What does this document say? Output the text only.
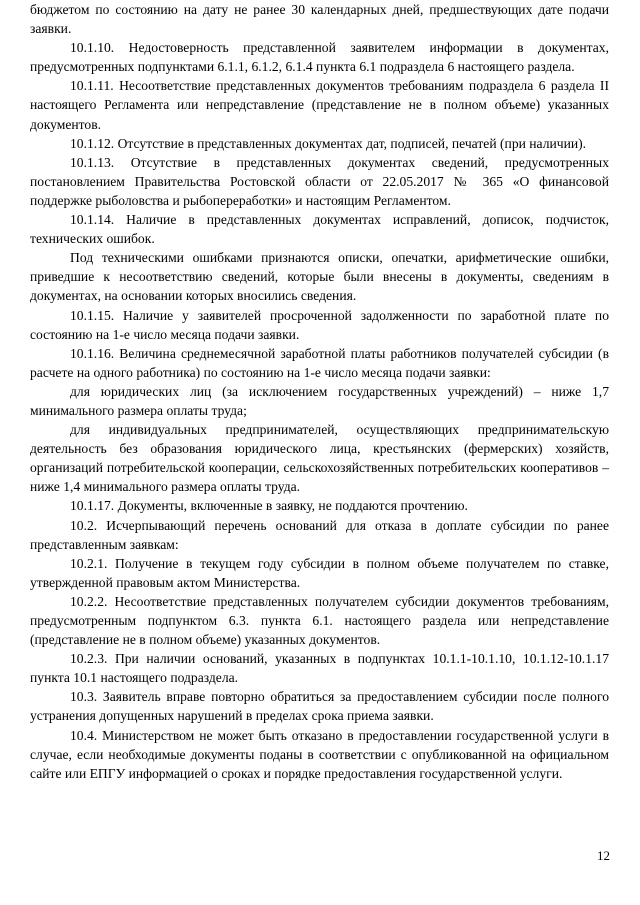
бюджетом по состоянию на дату не ранее 30 календарных дней, предшествующих дате подачи заявки.

10.1.10. Недостоверность представленной заявителем информации в документах, предусмотренных подпунктами 6.1.1, 6.1.2, 6.1.4 пункта 6.1 подраздела 6 настоящего раздела.

10.1.11. Несоответствие представленных документов требованиям подраздела 6 раздела II настоящего Регламента или непредставление (представление не в полном объеме) указанных документов.

10.1.12. Отсутствие в представленных документах дат, подписей, печатей (при наличии).

10.1.13. Отсутствие в представленных документах сведений, предусмотренных постановлением Правительства Ростовской области от 22.05.2017 № 365 «О финансовой поддержке рыболовства и рыбопереработки» и настоящим Регламентом.

10.1.14. Наличие в представленных документах исправлений, дописок, подчисток, технических ошибок.

Под техническими ошибками признаются описки, опечатки, арифметические ошибки, приведшие к несоответствию сведений, которые были внесены в документы, сведениям в документах, на основании которых вносились сведения.

10.1.15. Наличие у заявителей просроченной задолженности по заработной плате по состоянию на 1-е число месяца подачи заявки.

10.1.16. Величина среднемесячной заработной платы работников получателей субсидии (в расчете на одного работника) по состоянию на 1-е число месяца подачи заявки:

для юридических лиц (за исключением государственных учреждений) – ниже 1,7 минимального размера оплаты труда;

для индивидуальных предпринимателей, осуществляющих предпринимательскую деятельность без образования юридического лица, крестьянских (фермерских) хозяйств, организаций потребительской кооперации, сельскохозяйственных потребительских кооперативов – ниже 1,4 минимального размера оплаты труда.

10.1.17. Документы, включенные в заявку, не поддаются прочтению.

10.2. Исчерпывающий перечень оснований для отказа в доплате субсидии по ранее представленным заявкам:

10.2.1. Получение в текущем году субсидии в полном объеме получателем по ставке, утвержденной правовым актом Министерства.

10.2.2. Несоответствие представленных получателем субсидии документов требованиям, предусмотренным подпунктом 6.3. пункта 6.1. настоящего раздела или непредставление (представление не в полном объеме) указанных документов.

10.2.3. При наличии оснований, указанных в подпунктах 10.1.1-10.1.10, 10.1.12-10.1.17 пункта 10.1 настоящего подраздела.

10.3. Заявитель вправе повторно обратиться за предоставлением субсидии после полного устранения допущенных нарушений в пределах срока приема заявки.

10.4. Министерством не может быть отказано в предоставлении государственной услуги в случае, если необходимые документы поданы в соответствии с опубликованной на официальном сайте или ЕПГУ информацией о сроках и порядке предоставления государственной услуги.

12
